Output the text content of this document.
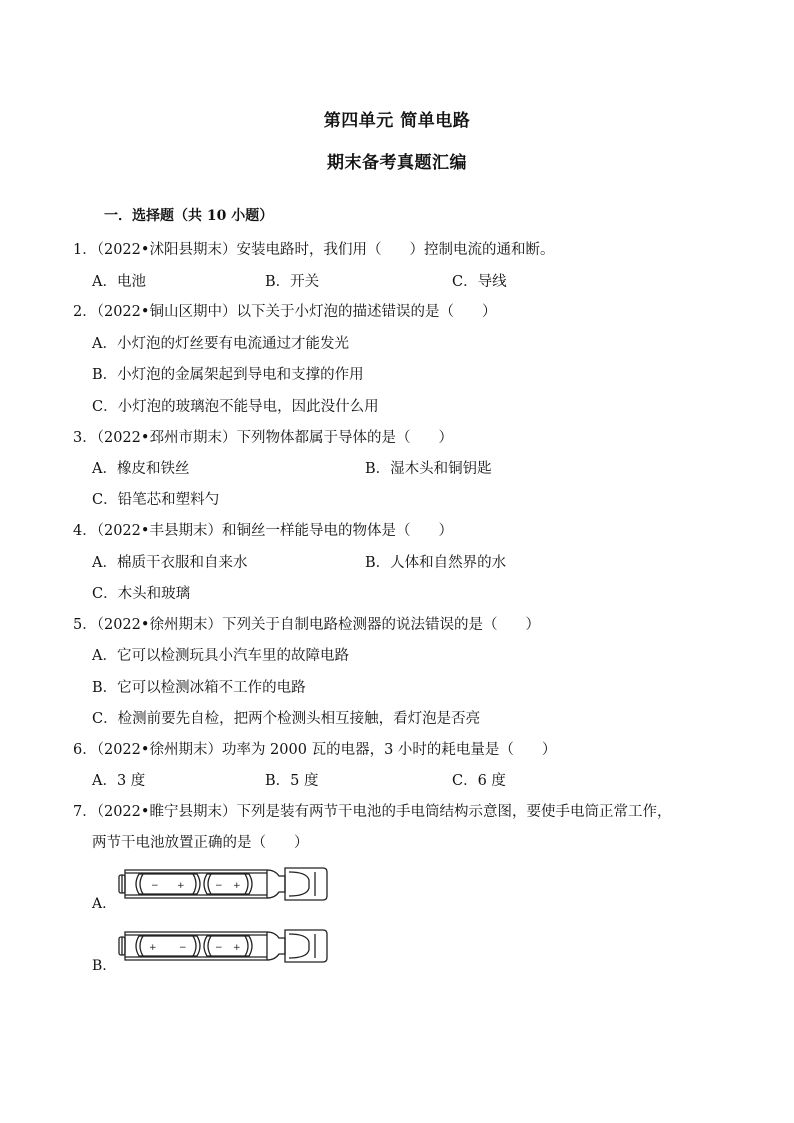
第四单元 简单电路
期末备考真题汇编
一．选择题（共 10 小题）
1．（2022•沭阳县期末）安装电路时，我们用（ ）控制电流的通和断。
A．电池	B．开关	C．导线
2．（2022•铜山区期中）以下关于小灯泡的描述错误的是（ ）
A．小灯泡的灯丝要有电流通过才能发光
B．小灯泡的金属架起到导电和支撑的作用
C．小灯泡的玻璃泡不能导电，因此没什么用
3．（2022•邳州市期末）下列物体都属于导体的是（ ）
A．橡皮和铁丝	B．湿木头和铜钥匙
C．铅笔芯和塑料勺
4．（2022•丰县期末）和铜丝一样能导电的物体是（ ）
A．棉质干衣服和自来水	B．人体和自然界的水
C．木头和玻璃
5．（2022•徐州期末）下列关于自制电路检测器的说法错误的是（ ）
A．它可以检测玩具小汽车里的故障电路
B．它可以检测冰箱不工作的电路
C．检测前要先自检，把两个检测头相互接触，看灯泡是否亮
6．（2022•徐州期末）功率为 2000 瓦的电器，3 小时的耗电量是（ ）
A．3 度	B．5 度	C．6 度
7．（2022•睢宁县期末）下列是装有两节干电池的手电筒结构示意图，要使手电筒正常工作，
两节干电池放置正确的是（ ）
A.
− +	− +
B.
+ −	− +
